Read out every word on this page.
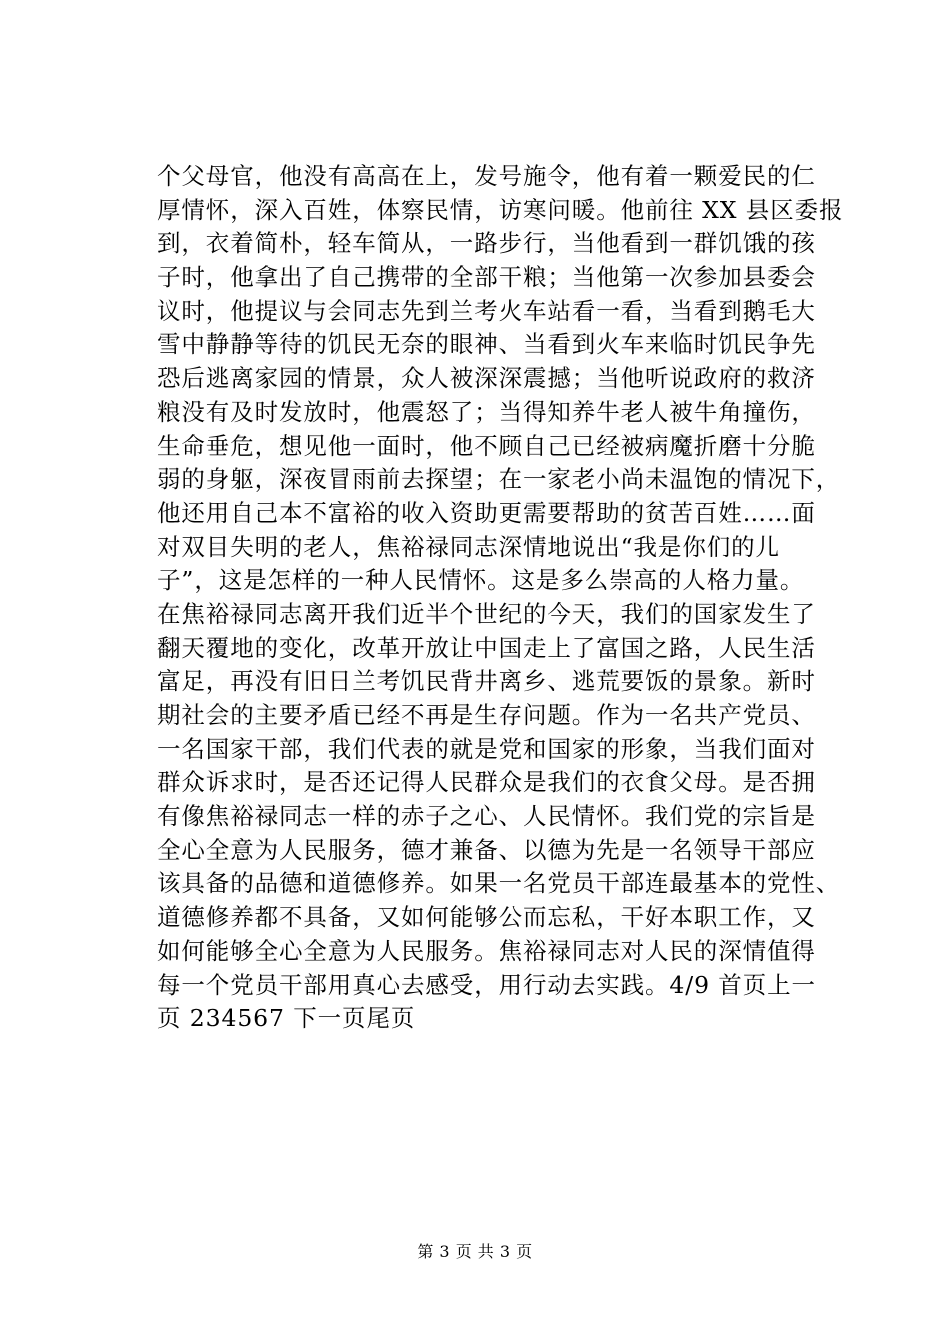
个父母官，他没有高高在上，发号施令，他有着一颗爱民的仁
厚情怀，深入百姓，体察民情，访寒问暖。他前往 XX 县区委报
到，衣着简朴，轻车简从，一路步行，当他看到一群饥饿的孩
子时，他拿出了自己携带的全部干粮；当他第一次参加县委会
议时，他提议与会同志先到兰考火车站看一看，当看到鹅毛大
雪中静静等待的饥民无奈的眼神、当看到火车来临时饥民争先
恐后逃离家园的情景，众人被深深震撼；当他听说政府的救济
粮没有及时发放时，他震怒了；当得知养牛老人被牛角撞伤，
生命垂危，想见他一面时，他不顾自己已经被病魔折磨十分脆
弱的身躯，深夜冒雨前去探望；在一家老小尚未温饱的情况下，
他还用自己本不富裕的收入资助更需要帮助的贫苦百姓……面
对双目失明的老人，焦裕禄同志深情地说出“我是你们的儿
子”，这是怎样的一种人民情怀。这是多么崇高的人格力量。
在焦裕禄同志离开我们近半个世纪的今天，我们的国家发生了
翻天覆地的变化，改革开放让中国走上了富国之路，人民生活
富足，再没有旧日兰考饥民背井离乡、逃荒要饭的景象。新时
期社会的主要矛盾已经不再是生存问题。作为一名共产党员、
一名国家干部，我们代表的就是党和国家的形象，当我们面对
群众诉求时，是否还记得人民群众是我们的衣食父母。是否拥
有像焦裕禄同志一样的赤子之心、人民情怀。我们党的宗旨是
全心全意为人民服务，德才兼备、以德为先是一名领导干部应
该具备的品德和道德修养。如果一名党员干部连最基本的党性、
道德修养都不具备，又如何能够公而忘私，干好本职工作，又
如何能够全心全意为人民服务。焦裕禄同志对人民的深情值得
每一个党员干部用真心去感受，用行动去实践。4/9 首页上一
页 234567 下一页尾页
第 3 页 共 3 页
